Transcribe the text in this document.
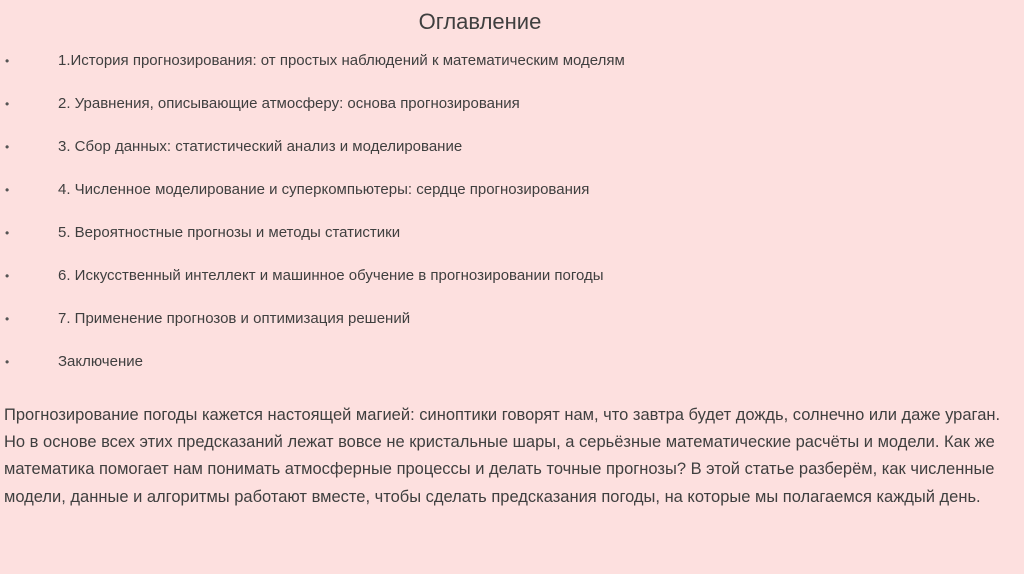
Оглавление
•	1.История прогнозирования: от простых наблюдений к математическим моделям
•	2. Уравнения, описывающие атмосферу: основа прогнозирования
•	3. Сбор данных: статистический анализ и моделирование
•	4. Численное моделирование и суперкомпьютеры: сердце прогнозирования
•	5. Вероятностные прогнозы и методы статистики
•	6. Искусственный интеллект и машинное обучение в прогнозировании погоды
•	7. Применение прогнозов и оптимизация решений
•	Заключение

Прогнозирование погоды кажется настоящей магией: синоптики говорят нам, что завтра будет дождь, солнечно или даже ураган. Но в основе всех этих предсказаний лежат вовсе не кристальные шары, а серьёзные математические расчёты и модели. Как же математика помогает нам понимать атмосферные процессы и делать точные прогнозы? В этой статье разберём, как численные модели, данные и алгоритмы работают вместе, чтобы сделать предсказания погоды, на которые мы полагаемся каждый день.
